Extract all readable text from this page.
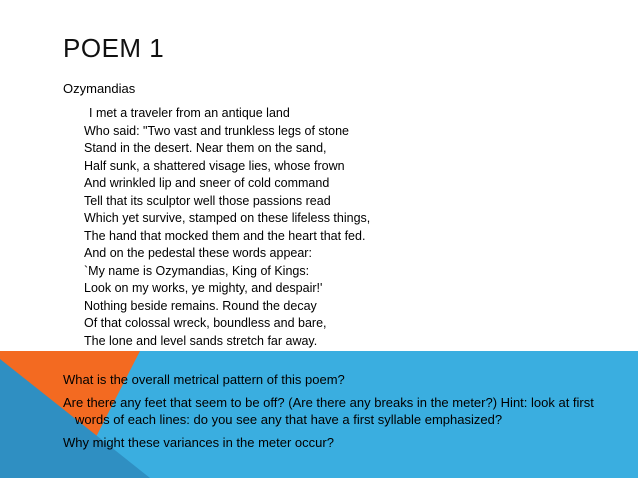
POEM 1
Ozymandias
I met a traveler from an antique land
Who said: "Two vast and trunkless legs of stone
Stand in the desert. Near them on the sand,
Half sunk, a shattered visage lies, whose frown
And wrinkled lip and sneer of cold command
Tell that its sculptor well those passions read
Which yet survive, stamped on these lifeless things,
The hand that mocked them and the heart that fed.
And on the pedestal these words appear:
`My name is Ozymandias, King of Kings:
Look on my works, ye mighty, and despair!'
Nothing beside remains. Round the decay
Of that colossal wreck, boundless and bare,
The lone and level sands stretch far away.

What is the overall metrical pattern of this poem?

Are there any feet that seem to be off? (Are there any breaks in the meter?) Hint: look at first words of each lines: do you see any that have a first syllable emphasized?

Why might these variances in the meter occur?
